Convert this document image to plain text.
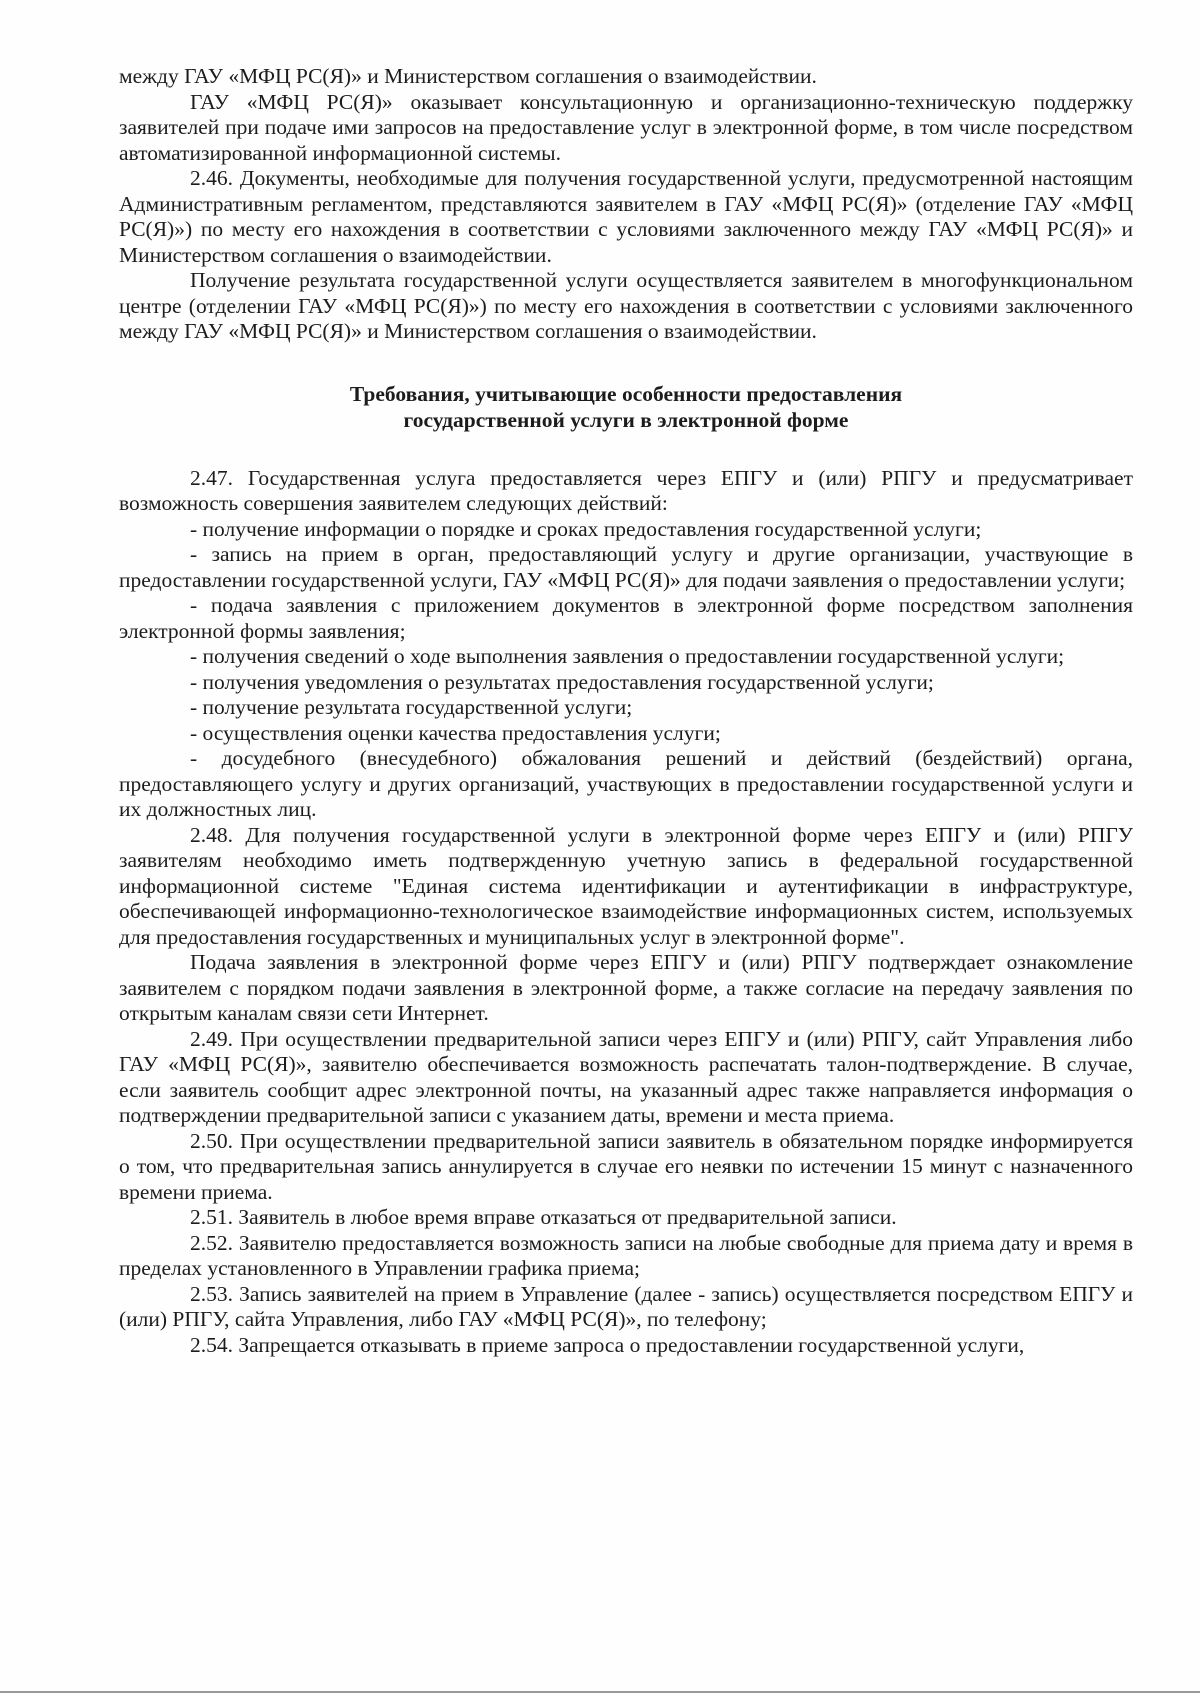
между ГАУ «МФЦ РС(Я)» и Министерством соглашения о взаимодействии.

ГАУ «МФЦ РС(Я)» оказывает консультационную и организационно-техническую поддержку заявителей при подаче ими запросов на предоставление услуг в электронной форме, в том числе посредством автоматизированной информационной системы.

2.46. Документы, необходимые для получения государственной услуги, предусмотренной настоящим Административным регламентом, представляются заявителем в ГАУ «МФЦ РС(Я)» (отделение ГАУ «МФЦ РС(Я)») по месту его нахождения в соответствии с условиями заключенного между ГАУ «МФЦ РС(Я)» и Министерством соглашения о взаимодействии.

Получение результата государственной услуги осуществляется заявителем в многофункциональном центре (отделении ГАУ «МФЦ РС(Я)») по месту его нахождения в соответствии с условиями заключенного между ГАУ «МФЦ РС(Я)» и Министерством соглашения о взаимодействии.

Требования, учитывающие особенности предоставления
государственной услуги в электронной форме

2.47. Государственная услуга предоставляется через ЕПГУ и (или) РПГУ и предусматривает возможность совершения заявителем следующих действий:

- получение информации о порядке и сроках предоставления государственной услуги;

- запись на прием в орган, предоставляющий услугу и другие организации, участвующие в предоставлении государственной услуги, ГАУ «МФЦ РС(Я)» для подачи заявления о предоставлении услуги;

- подача заявления с приложением документов в электронной форме посредством заполнения электронной формы заявления;

- получения сведений о ходе выполнения заявления о предоставлении государственной услуги;

- получения уведомления о результатах предоставления государственной услуги;

- получение результата государственной услуги;

- осуществления оценки качества предоставления услуги;

- досудебного (внесудебного) обжалования решений и действий (бездействий) органа, предоставляющего услугу и других организаций, участвующих в предоставлении государственной услуги и их должностных лиц.

2.48. Для получения государственной услуги в электронной форме через ЕПГУ и (или) РПГУ заявителям необходимо иметь подтвержденную учетную запись в федеральной государственной информационной системе "Единая система идентификации и аутентификации в инфраструктуре, обеспечивающей информационно-технологическое взаимодействие информационных систем, используемых для предоставления государственных и муниципальных услуг в электронной форме".

Подача заявления в электронной форме через ЕПГУ и (или) РПГУ подтверждает ознакомление заявителем с порядком подачи заявления в электронной форме, а также согласие на передачу заявления по открытым каналам связи сети Интернет.

2.49. При осуществлении предварительной записи через ЕПГУ и (или) РПГУ, сайт Управления либо ГАУ «МФЦ РС(Я)», заявителю обеспечивается возможность распечатать талон-подтверждение. В случае, если заявитель сообщит адрес электронной почты, на указанный адрес также направляется информация о подтверждении предварительной записи с указанием даты, времени и места приема.

2.50. При осуществлении предварительной записи заявитель в обязательном порядке информируется о том, что предварительная запись аннулируется в случае его неявки по истечении 15 минут с назначенного времени приема.

2.51. Заявитель в любое время вправе отказаться от предварительной записи.

2.52. Заявителю предоставляется возможность записи на любые свободные для приема дату и время в пределах установленного в Управлении графика приема;

2.53. Запись заявителей на прием в Управление (далее - запись) осуществляется посредством ЕПГУ и (или) РПГУ, сайта Управления, либо ГАУ «МФЦ РС(Я)», по телефону;

2.54. Запрещается отказывать в приеме запроса о предоставлении государственной услуги,
